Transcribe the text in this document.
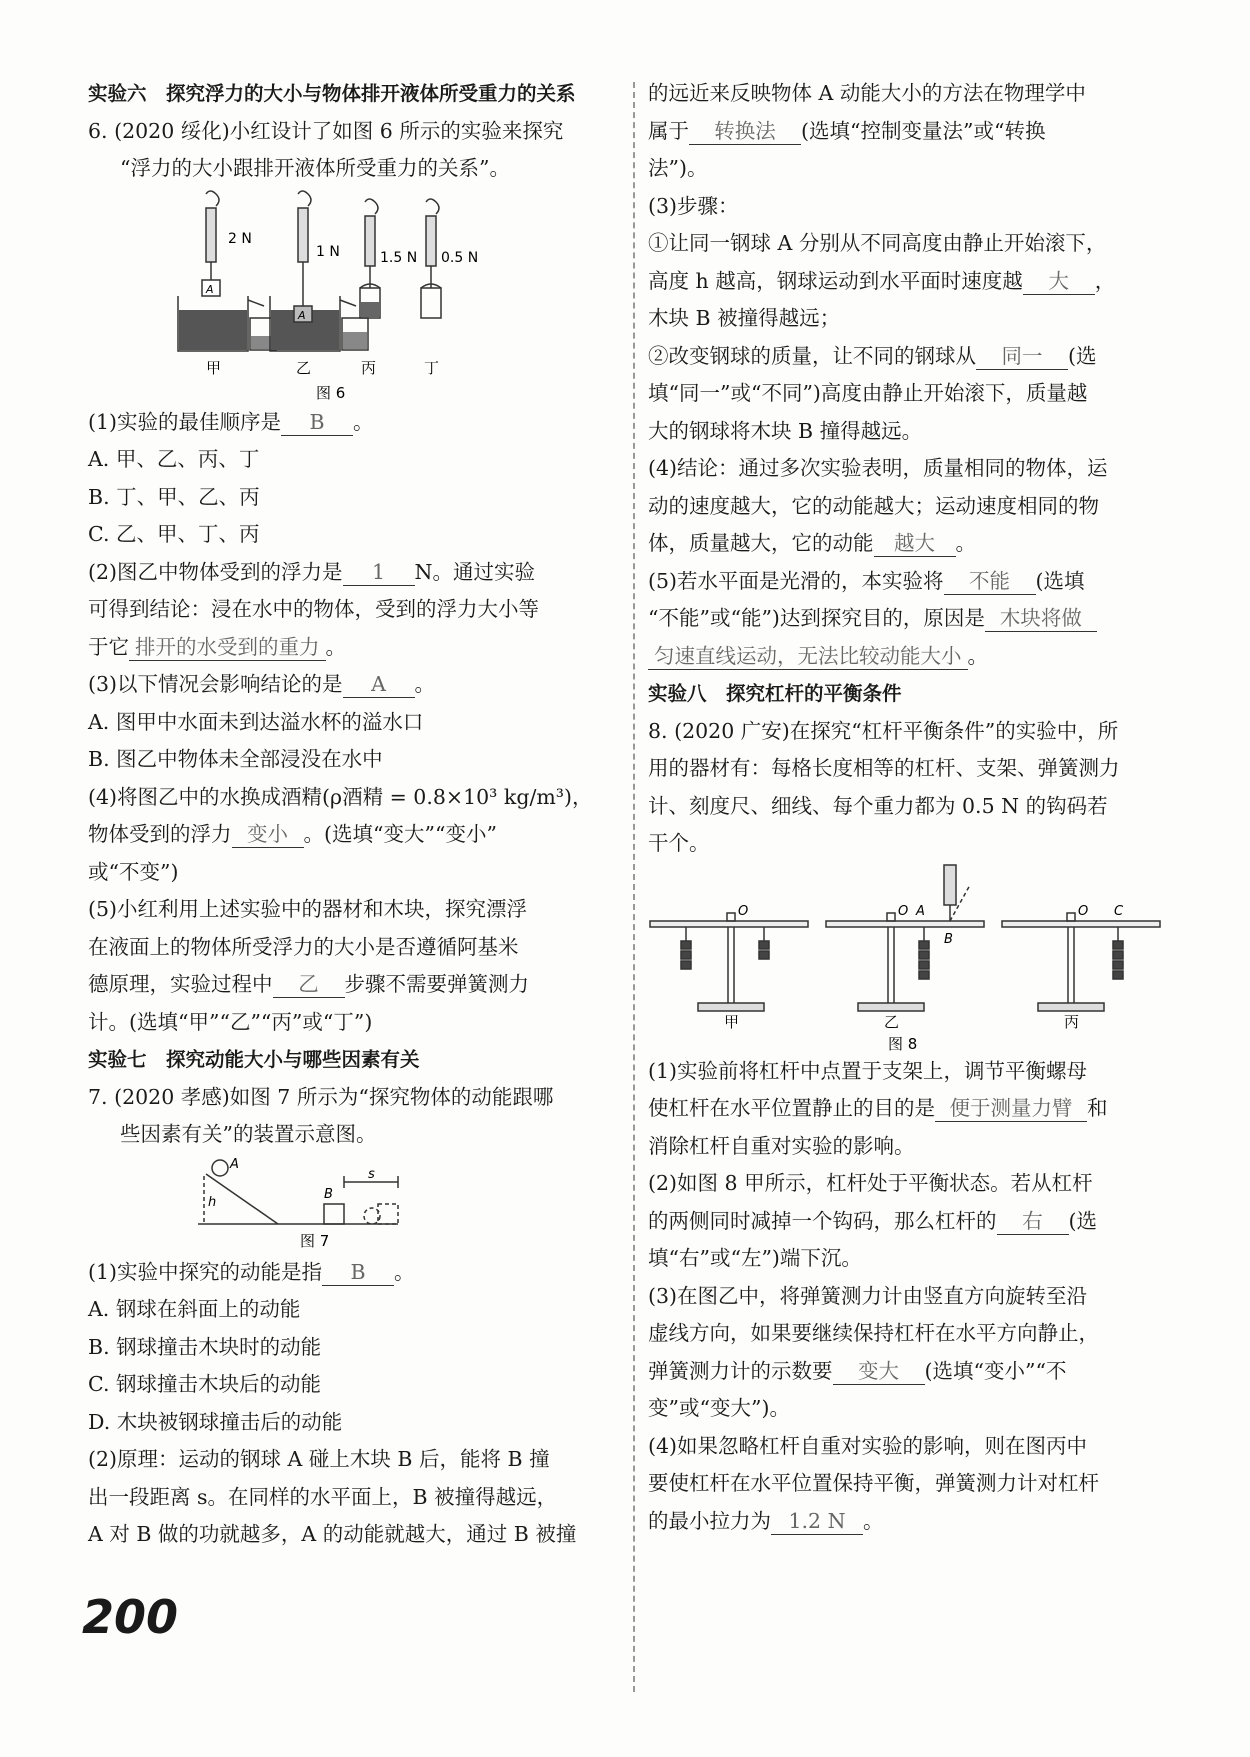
实验六　探究浮力的大小与物体排开液体所受重力的关系
6. (2020 绥化)小红设计了如图 6 所示的实验来探究
“浮力的大小跟排开液体所受重力的关系”。
2 N
1 N	1.5 N 0.5 N
A
A
甲	乙	丙	丁
图 6
(1)实验的最佳顺序是 B 。
A. 甲、乙、丙、丁
B. 丁、甲、乙、丙
C. 乙、甲、丁、丙
(2)图乙中物体受到的浮力是 1 N。通过实验
可得到结论：浸在水中的物体，受到的浮力大小等
于它 排开的水受到的重力 。
(3)以下情况会影响结论的是 A 。
A. 图甲中水面未到达溢水杯的溢水口
B. 图乙中物体未全部浸没在水中
(4)将图乙中的水换成酒精(ρ酒精 = 0.8×10³ kg/m³)，
物体受到的浮力 变小 。(选填“变大”“变小”
或“不变”)
(5)小红利用上述实验中的器材和木块，探究漂浮
在液面上的物体所受浮力的大小是否遵循阿基米
德原理，实验过程中 乙 步骤不需要弹簧测力
计。(选填“甲”“乙”“丙”或“丁”)
实验七　探究动能大小与哪些因素有关
7. (2020 孝感)如图 7 所示为“探究物体的动能跟哪
些因素有关”的装置示意图。
A
h
B
s
图 7
(1)实验中探究的动能是指 B 。
A. 钢球在斜面上的动能
B. 钢球撞击木块时的动能
C. 钢球撞击木块后的动能
D. 木块被钢球撞击后的动能
(2)原理：运动的钢球 A 碰上木块 B 后，能将 B 撞
出一段距离 s。在同样的水平面上，B 被撞得越远，
A 对 B 做的功就越多，A 的动能就越大，通过 B 被撞
的远近来反映物体 A 动能大小的方法在物理学中
属于 转换法 (选填“控制变量法”或“转换
法”)。
(3)步骤：
①让同一钢球 A 分别从不同高度由静止开始滚下，
高度 h 越高，钢球运动到水平面时速度越 大 ，
木块 B 被撞得越远；
②改变钢球的质量，让不同的钢球从 同一 (选
填“同一”或“不同”)高度由静止开始滚下，质量越
大的钢球将木块 B 撞得越远。
(4)结论：通过多次实验表明，质量相同的物体，运
动的速度越大，它的动能越大；运动速度相同的物
体，质量越大，它的动能 越大 。
(5)若水平面是光滑的，本实验将 不能 (选填
“不能”或“能”)达到探究目的，原因是 木块将做
匀速直线运动，无法比较动能大小 。
实验八　探究杠杆的平衡条件
8. (2020 广安)在探究“杠杆平衡条件”的实验中，所
用的器材有：每格长度相等的杠杆、支架、弹簧测力
计、刻度尺、细线、每个重力都为 0.5 N 的钩码若
干个。
O	O A
B
O C
甲	乙	丙
图 8
(1)实验前将杠杆中点置于支架上，调节平衡螺母
使杠杆在水平位置静止的目的是 便于测量力臂 和
消除杠杆自重对实验的影响。
(2)如图 8 甲所示，杠杆处于平衡状态。若从杠杆
的两侧同时减掉一个钩码，那么杠杆的 右 (选
填“右”或“左”)端下沉。
(3)在图乙中，将弹簧测力计由竖直方向旋转至沿
虚线方向，如果要继续保持杠杆在水平方向静止，
弹簧测力计的示数要 变大 (选填“变小”“不
变”或“变大”)。
(4)如果忽略杠杆自重对实验的影响，则在图丙中
要使杠杆在水平位置保持平衡，弹簧测力计对杠杆
的最小拉力为 1.2 N 。
200
